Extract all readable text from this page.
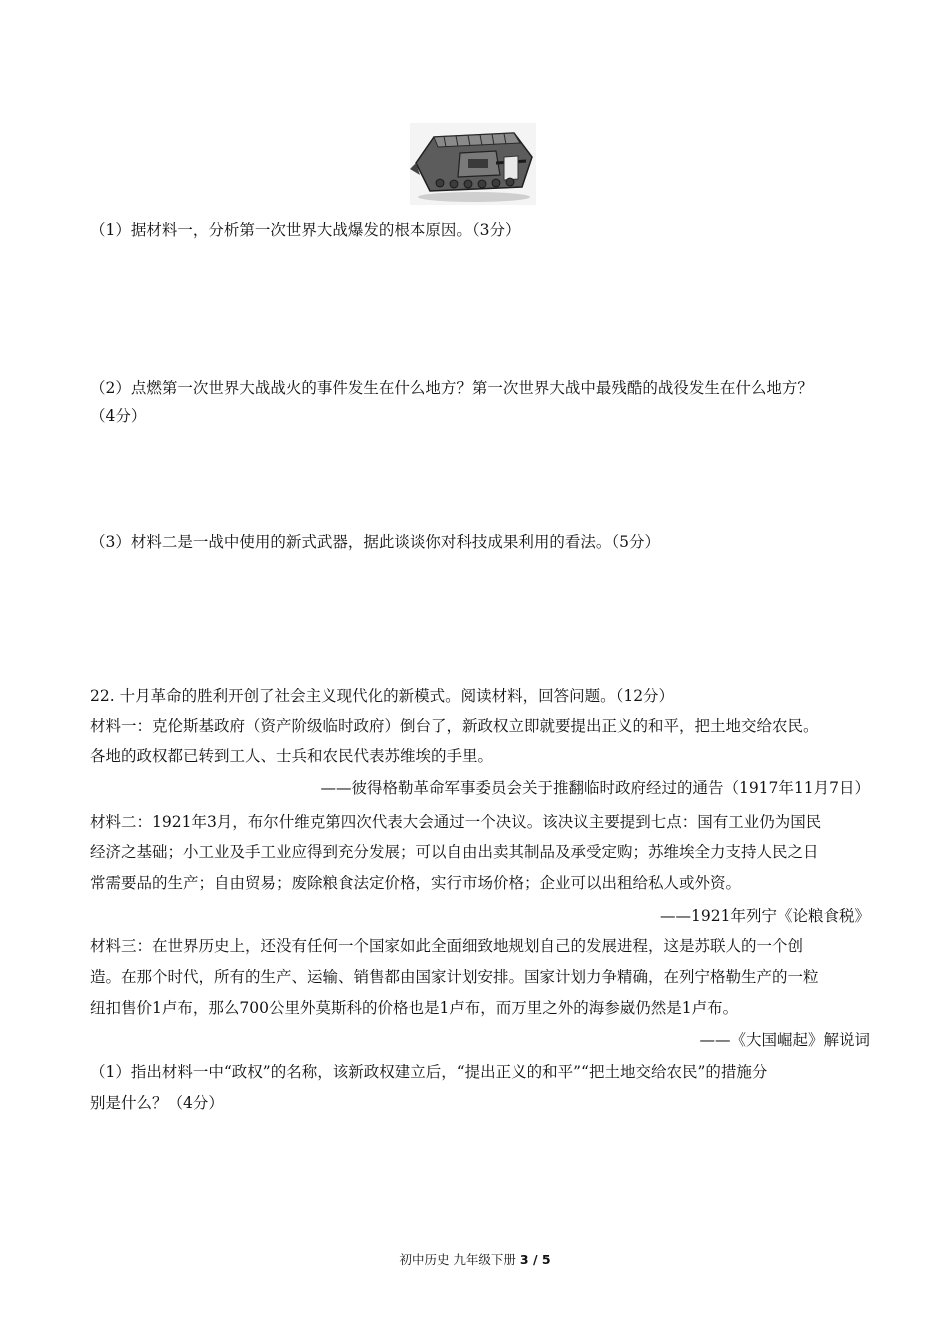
（1）据材料一，分析第一次世界大战爆发的根本原因。（3分）
（2）点燃第一次世界大战战火的事件发生在什么地方？第一次世界大战中最残酷的战役发生在什么地方？
（4分）
（3）材料二是一战中使用的新式武器，据此谈谈你对科技成果利用的看法。（5分）
22. 十月革命的胜利开创了社会主义现代化的新模式。阅读材料，回答问题。（12分）
材料一：克伦斯基政府（资产阶级临时政府）倒台了，新政权立即就要提出正义的和平，把土地交给农民。
各地的政权都已转到工人、士兵和农民代表苏维埃的手里。
——彼得格勒革命军事委员会关于推翻临时政府经过的通告（1917年11月7日）
材料二：1921年3月，布尔什维克第四次代表大会通过一个决议。该决议主要提到七点：国有工业仍为国民
经济之基础；小工业及手工业应得到充分发展；可以自由出卖其制品及承受定购；苏维埃全力支持人民之日
常需要品的生产；自由贸易；废除粮食法定价格，实行市场价格；企业可以出租给私人或外资。
——1921年列宁《论粮食税》
材料三：在世界历史上，还没有任何一个国家如此全面细致地规划自己的发展进程，这是苏联人的一个创
造。在那个时代，所有的生产、运输、销售都由国家计划安排。国家计划力争精确，在列宁格勒生产的一粒
纽扣售价1卢布，那么700公里外莫斯科的价格也是1卢布，而万里之外的海参崴仍然是1卢布。
——《大国崛起》解说词
（1）指出材料一中“政权”的名称，该新政权建立后，“提出正义的和平”“把土地交给农民”的措施分
别是什么？（4分）
初中历史 九年级下册 3 / 5
